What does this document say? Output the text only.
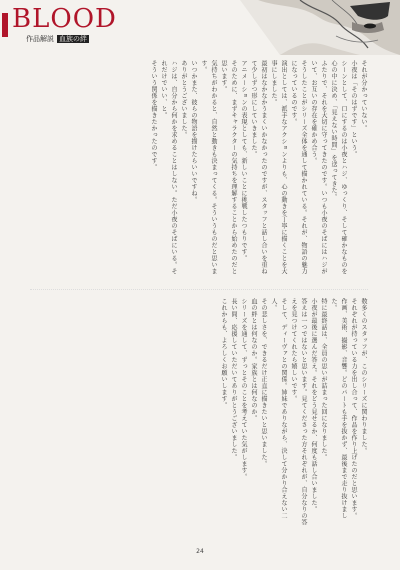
BLOOD
作品解説 血族の絆

それが分かっていない。

小夜は「そのはずです」という。

シーンとして、口にするのは小夜とハジ、ゆっくり、そして確かなものを心の中に決め、「見えない時間」を送ってきた。

ふたりで、それを大切に守ってきたのです。いつも小夜のそばにはハジがいて、お互いの存在を確かめ合う。

そうしたことがシリーズ全体を通して描かれている。それが、物語の魅力になっているのです。

演出としては、派手なアクションよりも、心の動きを丁寧に描くことを大事にしました。

最初はなかなかうまくいかなかったのですが、スタッフと話し合いを重ねて少しずつ形にしていきました。

アニメーションの表現としても、新しいことに挑戦したつもりです。

そのために、まずキャラクターの気持ちを理解することから始めたのだと思います。

気持ちがわかると、自然と動きも決まってくる。そういうものだと思います。

いつかまた、彼らの物語を描けたらいいですね。

ありがとうございました。

ハジは、自分から何かを求めることはしない。ただ小夜のそばにいる。それだけでいい、と。

そういう関係を描きたかったのです。

数多くのスタッフが、このシリーズに関わりました。

それぞれが持っている力を出し合って、作品を作り上げたのだと思います。

作画、美術、撮影、音響。どのパートも手を抜かず、最後まで走り抜けました。

特に最終話は、全員の思いが詰まった回になりました。

小夜が最後に選んだ答え。それをどう見せるか、何度も話し合いました。

答えは一つではないと思います。見てくださった方それぞれが、自分なりの答えを見つけてくれたら嬉しいです。

そして、ディーヴァとの関係。姉妹でありながら、決して分かり合えない二人。

その悲しさを、できるだけ正直に描きたいと思いました。

血の絆とは何なのか。家族とは何なのか。

シリーズを通して、ずっとそのことを考えていた気がします。

長い間、応援していただいてありがとうございました。

これからも、よろしくお願いします。

24
